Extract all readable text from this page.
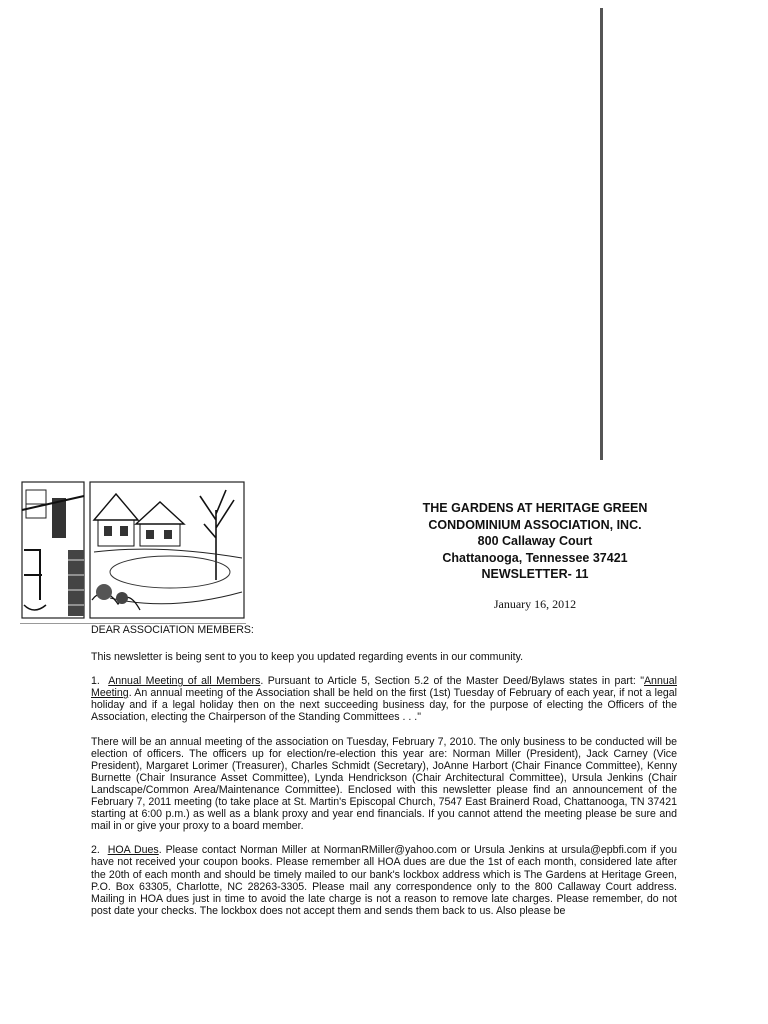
THE GARDENS AT HERITAGE GREEN
CONDOMINIUM ASSOCIATION, INC.
800 Callaway Court
Chattanooga, Tennessee 37421
NEWSLETTER- 11
January 16, 2012

DEAR ASSOCIATION MEMBERS:

This newsletter is being sent to you to keep you updated regarding events in our community.

1. Annual Meeting of all Members. Pursuant to Article 5, Section 5.2 of the Master Deed/Bylaws states in part: "Annual Meeting. An annual meeting of the Association shall be held on the first (1st) Tuesday of February of each year, if not a legal holiday and if a legal holiday then on the next succeeding business day, for the purpose of electing the Officers of the Association, electing the Chairperson of the Standing Committees . . ."

There will be an annual meeting of the association on Tuesday, February 7, 2010. The only business to be conducted will be election of officers. The officers up for election/re-election this year are: Norman Miller (President), Jack Carney (Vice President), Margaret Lorimer (Treasurer), Charles Schmidt (Secretary), JoAnne Harbort (Chair Finance Committee), Kenny Burnette (Chair Insurance Asset Committee), Lynda Hendrickson (Chair Architectural Committee), Ursula Jenkins (Chair Landscape/Common Area/Maintenance Committee). Enclosed with this newsletter please find an announcement of the February 7, 2011 meeting (to take place at St. Martin's Episcopal Church, 7547 East Brainerd Road, Chattanooga, TN 37421 starting at 6:00 p.m.) as well as a blank proxy and year end financials. If you cannot attend the meeting please be sure and mail in or give your proxy to a board member.

2. HOA Dues. Please contact Norman Miller at NormanRMiller@yahoo.com or Ursula Jenkins at ursula@epbfi.com if you have not received your coupon books. Please remember all HOA dues are due the 1st of each month, considered late after the 20th of each month and should be timely mailed to our bank's lockbox address which is The Gardens at Heritage Green, P.O. Box 63305, Charlotte, NC 28263-3305. Please mail any correspondence only to the 800 Callaway Court address. Mailing in HOA dues just in time to avoid the late charge is not a reason to remove late charges. Please remember, do not post date your checks. The lockbox does not accept them and sends them back to us. Also please be
